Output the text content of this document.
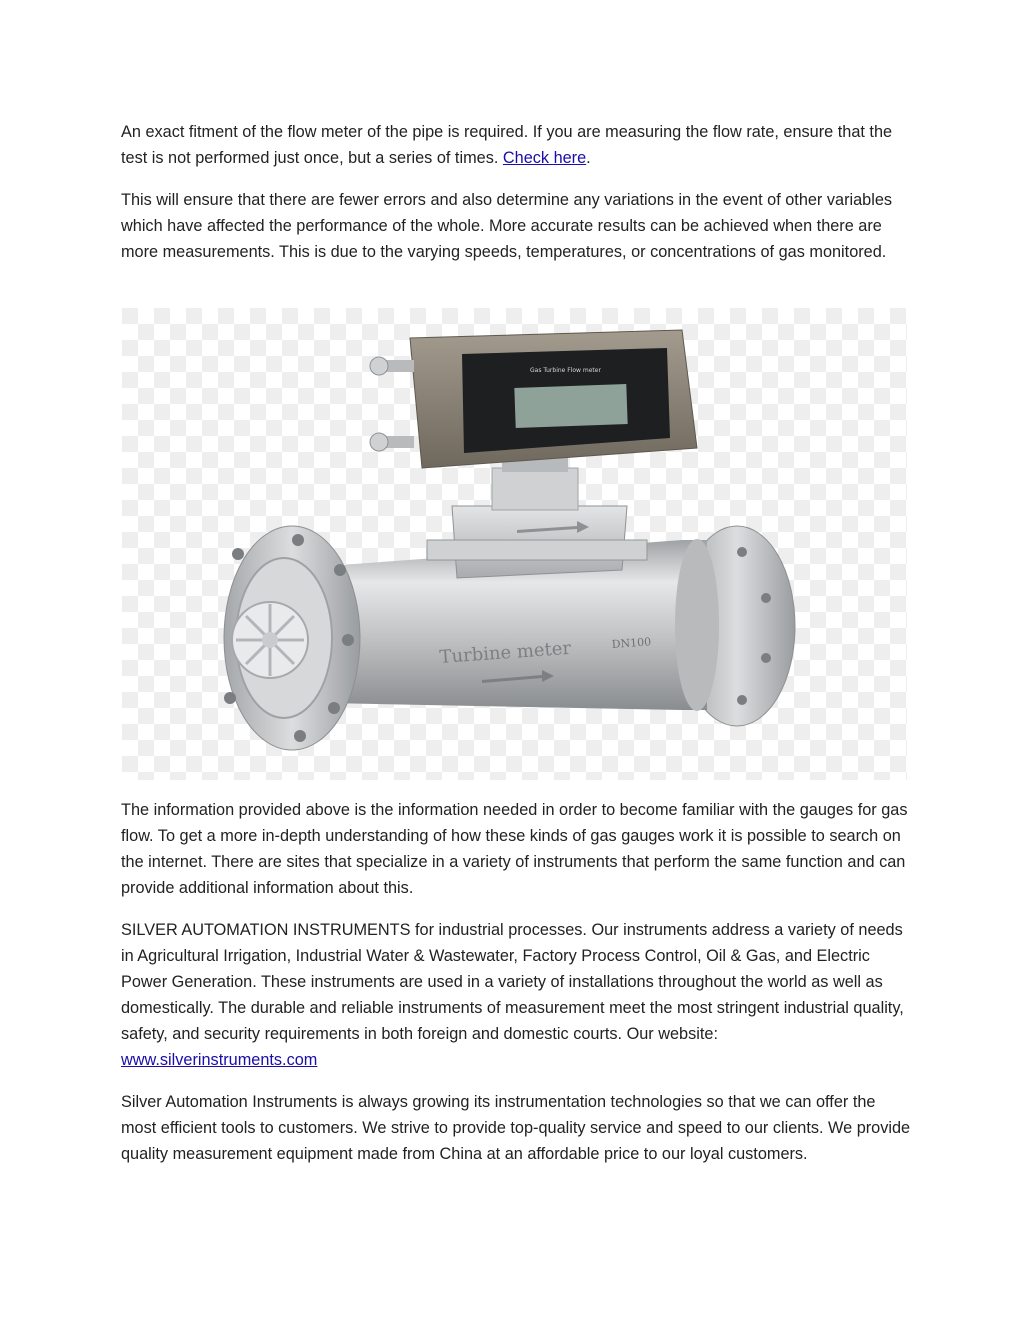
An exact fitment of the flow meter of the pipe is required. If you are measuring the flow rate, ensure that the test is not performed just once, but a series of times. Check here.

This will ensure that there are fewer errors and also determine any variations in the event of other variables which have affected the performance of the whole. More accurate results can be achieved when there are more measurements. This is due to the varying speeds, temperatures, or concentrations of gas monitored.

Turbine meter	DN100
Gas Turbine Flow meter

The information provided above is the information needed in order to become familiar with the gauges for gas flow. To get a more in-depth understanding of how these kinds of gas gauges work it is possible to search on the internet. There are sites that specialize in a variety of instruments that perform the same function and can provide additional information about this.

SILVER AUTOMATION INSTRUMENTS for industrial processes. Our instruments address a variety of needs in Agricultural Irrigation, Industrial Water & Wastewater, Factory Process Control, Oil & Gas, and Electric Power Generation. These instruments are used in a variety of installations throughout the world as well as domestically. The durable and reliable instruments of measurement meet the most stringent industrial quality, safety, and security requirements in both foreign and domestic courts. Our website: www.silverinstruments.com

Silver Automation Instruments is always growing its instrumentation technologies so that we can offer the most efficient tools to customers. We strive to provide top-quality service and speed to our clients. We provide quality measurement equipment made from China at an affordable price to our loyal customers.
